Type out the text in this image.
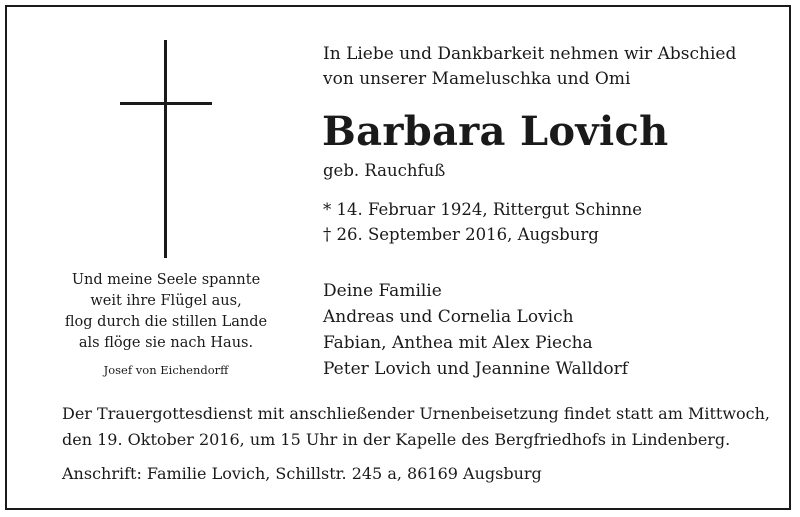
Und meine Seele spannte
weit ihre Flügel aus,
flog durch die stillen Lande
als flöge sie nach Haus.
Josef von Eichendorff
In Liebe und Dankbarkeit nehmen wir Abschied
von unserer Mameluschka und Omi
Barbara Lovich
geb. Rauchfuß
* 14. Februar 1924, Rittergut Schinne
† 26. September 2016, Augsburg
Deine Familie
Andreas und Cornelia Lovich
Fabian, Anthea mit Alex Piecha
Peter Lovich und Jeannine Walldorf
Der Trauergottesdienst mit anschließender Urnenbeisetzung findet statt am Mittwoch,
den 19. Oktober 2016, um 15 Uhr in der Kapelle des Bergfriedhofs in Lindenberg.
Anschrift: Familie Lovich, Schillstr. 245 a, 86169 Augsburg
